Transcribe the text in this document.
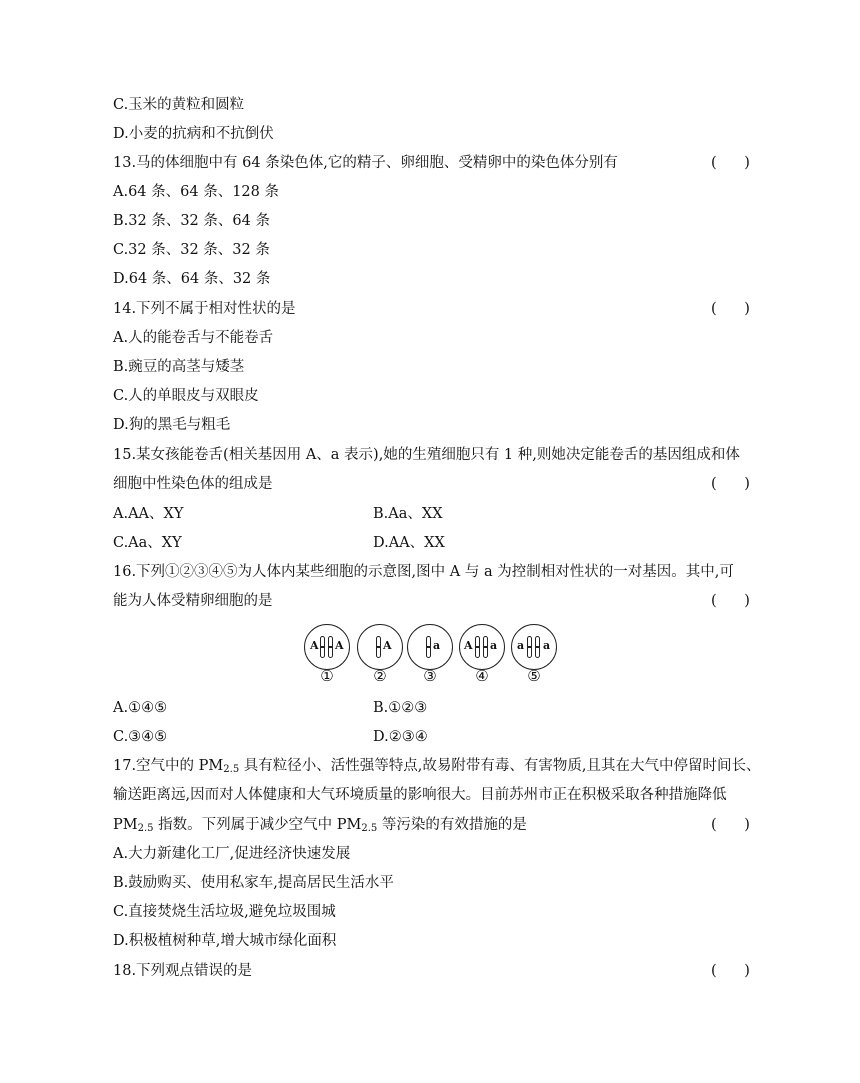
C.玉米的黄粒和圆粒
D.小麦的抗病和不抗倒伏
13.马的体细胞中有 64 条染色体,它的精子、卵细胞、受精卵中的染色体分别有	(      )
A.64 条、64 条、128 条
B.32 条、32 条、64 条
C.32 条、32 条、32 条
D.64 条、64 条、32 条
14.下列不属于相对性状的是	(      )
A.人的能卷舌与不能卷舌
B.豌豆的高茎与矮茎
C.人的单眼皮与双眼皮
D.狗的黑毛与粗毛
15.某女孩能卷舌(相关基因用 A、a 表示),她的生殖细胞只有 1 种,则她决定能卷舌的基因组成和体
细胞中性染色体的组成是	(      )
A.AA、XY	B.Aa、XX
C.Aa、XY	D.AA、XX
16.下列①②③④⑤为人体内某些细胞的示意图,图中 A 与 a 为控制相对性状的一对基因。其中,可
能为人体受精卵细胞的是	(      )
A A
①
A
②
a
③
A a
④
a a
⑤
A.①④⑤	B.①②③
C.③④⑤	D.②③④
17.空气中的 $PM_{2.5}$ 具有粒径小、活性强等特点,故易附带有毒、有害物质,且其在大气中停留时间长、
输送距离远,因而对人体健康和大气环境质量的影响很大。目前苏州市正在积极采取各种措施降低
$PM_{2.5}$ 指数。下列属于减少空气中 $PM_{2.5}$ 等污染的有效措施的是	(      )
A.大力新建化工厂,促进经济快速发展
B.鼓励购买、使用私家车,提高居民生活水平
C.直接焚烧生活垃圾,避免垃圾围城
D.积极植树种草,增大城市绿化面积
18.下列观点错误的是	(      )
